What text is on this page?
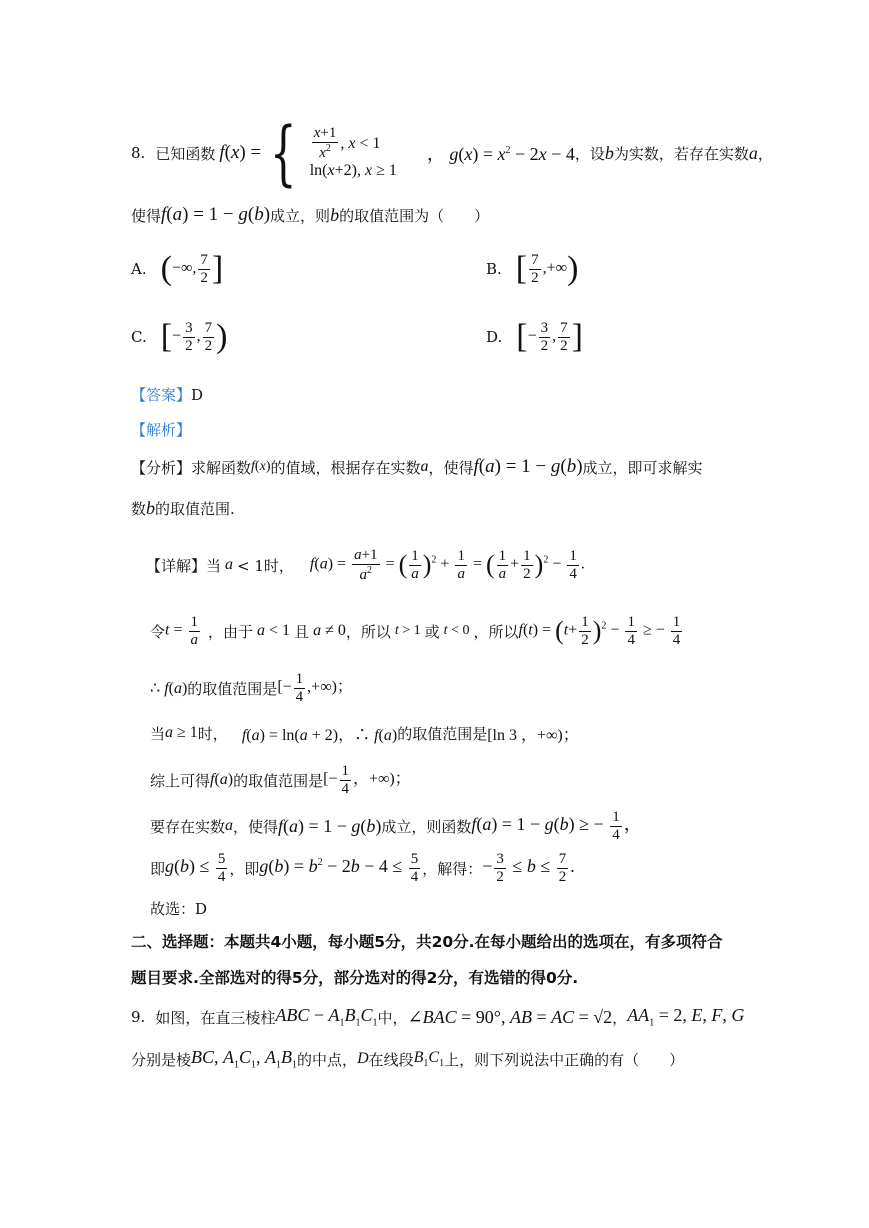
8. 已知函数 f(x) = { $\frac{x+1}{x^2}$ , x < 1
ln(x+2), x ≥ 1
， $g(x) = x^2 - 2x - 4$ ，设 b 为实数，若存在实数 a ，
使得 f(a) = 1 − g(b) 成立，则 b 的取值范围为（　　）
A. (−∞, $\frac{7}{2}$ ]	B. [ $\frac{7}{2}$ ,+∞)
C. [− $\frac{3}{2}$ , $\frac{7}{2}$ )	D. [− $\frac{3}{2}$ , $\frac{7}{2}$ ]
【答案】D
【解析】
【分析】 求解函数 f(x) 的值域，根据存在实数 a ，使得 f(a) = 1 − g(b) 成立，即可求解实
数 b 的取值范围.
【详解】 当 a < 1时， $f(a) = \frac{a+1}{a^2}$ = ( $\frac{1}{a} )^2 + \frac{1}{a}$ = ( $\frac{1}{a} + \frac{1}{2} )^2 - \frac{1}{4}$ .
令 $t = \frac{1}{a}$ ，由于 a < 1 且 a ≠ 0 ，所以 t > 1 或 t < 0 ，所以 $f(t) = (t+ \frac{1}{2} )^2 - \frac{1}{4}$ ≥ − $\frac{1}{4}$
∴ f(a) 的取值范围是 [− $\frac{1}{4}$ ,+∞)；
当 a ≥ 1 时， f(a) = ln(a + 2)，∴ f(a) 的取值范围是 [ln 3 ，+∞)；
综上可得 f(a) 的取值范围是 [− $\frac{1}{4}$ ，+∞)；
要存在实数 a ，使得 f(a) = 1 − g(b) 成立，则函数 f(a) = 1 − g(b) ≥ − $\frac{1}{4}$ ，
即 $g(b) \le \frac{5}{4}$ ，即 $g(b) = b^2 - 2b - 4 \le \frac{5}{4}$ ，解得： − $\frac{3}{2} \le b \le \frac{7}{2}$ .
故选：D
二、选择题：本题共4小题，每小题5分，共20分.在每小题给出的选项在，有多项符合
题目要求.全部选对的得5分，部分选对的得2分，有选错的得0分.
9. 如图，在直三棱柱 ABC − $A_1B_1C_1$ 中， ∠BAC = 90°, AB = AC = √2 ， $AA_1 = 2$, E, F, G
分别是棱 BC, $A_1C_1$, $A_1B_1$ 的中点， D 在线段 $B_1C_1$ 上，则下列说法中正确的有（　　）
